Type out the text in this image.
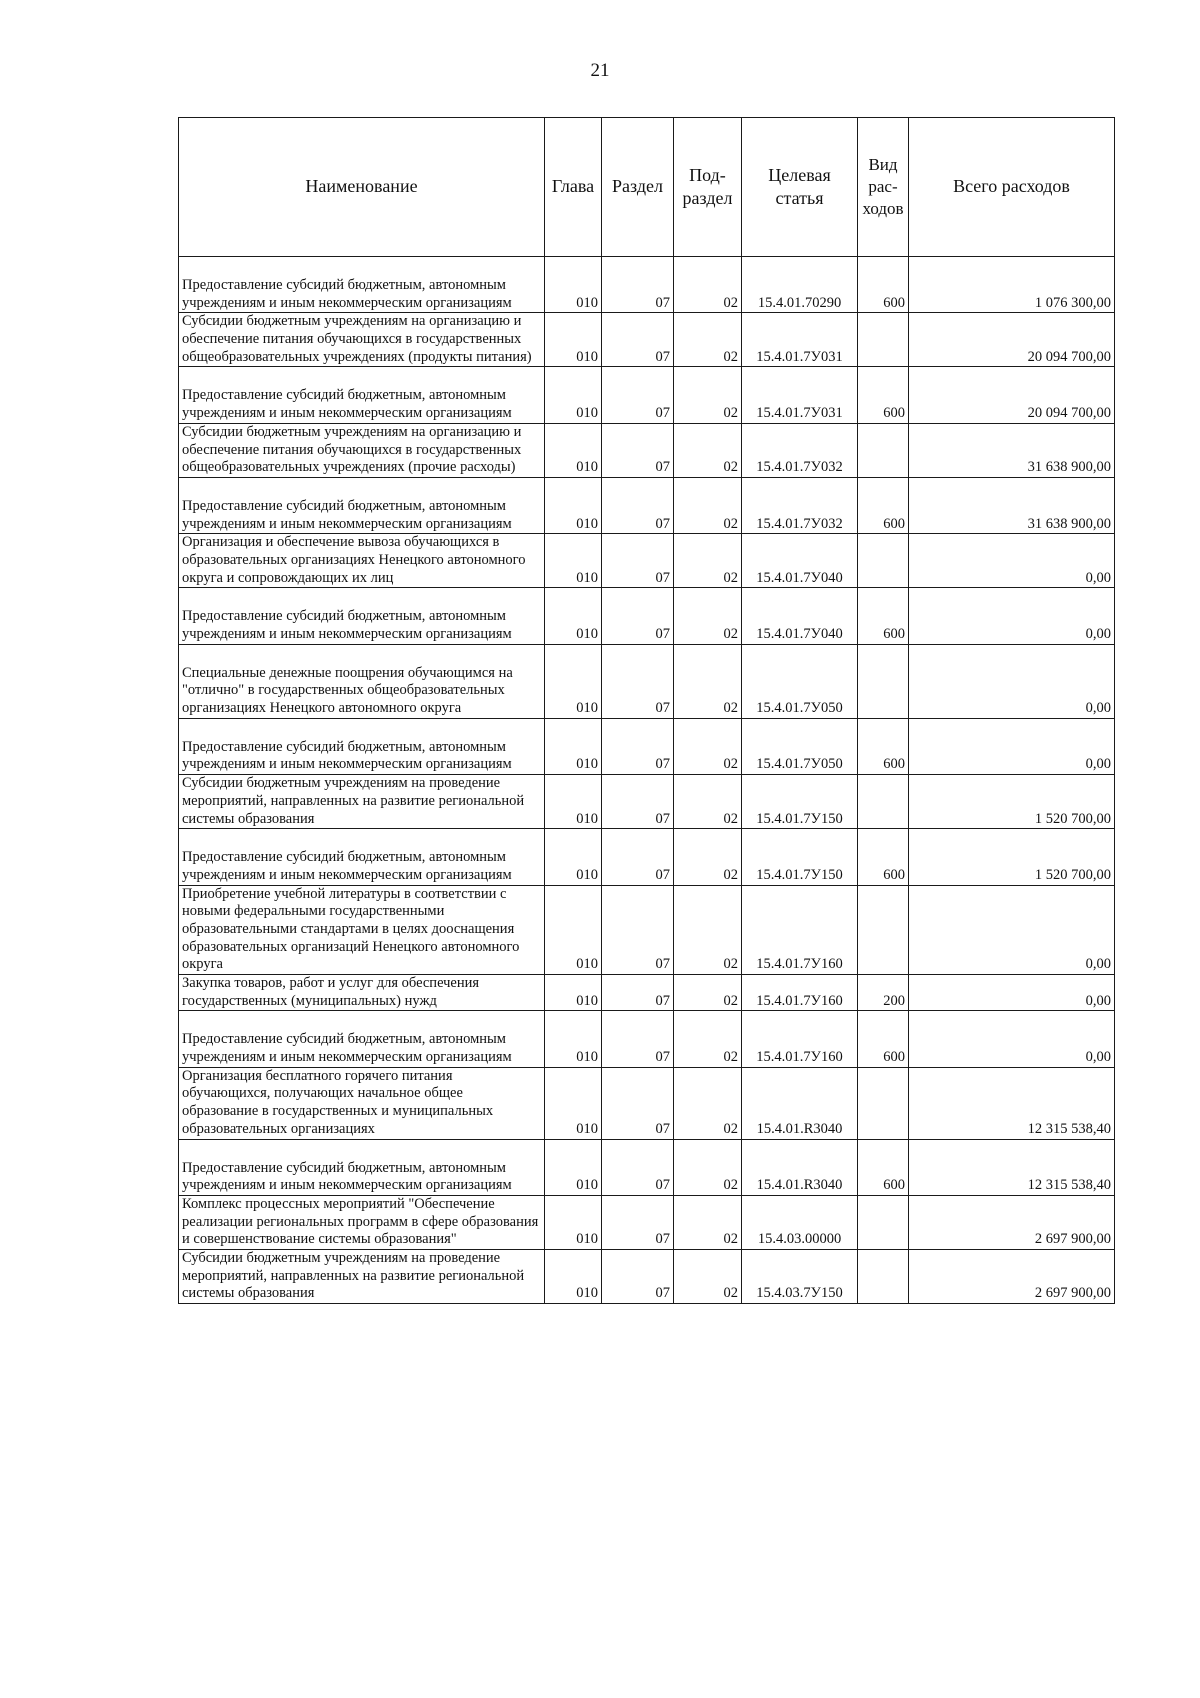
21
Наименование	Глава	Раздел	Под- раздел	Целевая статья	Вид рас- ходов	Всего расходов

Предоставление субсидий бюджетным, автономным учреждениям и иным некоммерческим организациям	010	07	02	15.4.01.70290	600	1 076 300,00
Субсидии бюджетным учреждениям на организацию и обеспечение питания обучающихся в государственных общеобразовательных учреждениях (продукты питания)	010	07	02	15.4.01.7У031		20 094 700,00

Предоставление субсидий бюджетным, автономным учреждениям и иным некоммерческим организациям	010	07	02	15.4.01.7У031	600	20 094 700,00
Субсидии бюджетным учреждениям на организацию и обеспечение питания обучающихся в государственных общеобразовательных учреждениях (прочие расходы)	010	07	02	15.4.01.7У032		31 638 900,00

Предоставление субсидий бюджетным, автономным учреждениям и иным некоммерческим организациям	010	07	02	15.4.01.7У032	600	31 638 900,00
Организация и обеспечение вывоза обучающихся в образовательных организациях Ненецкого автономного округа и сопровождающих их лиц	010	07	02	15.4.01.7У040		0,00

Предоставление субсидий бюджетным, автономным учреждениям и иным некоммерческим организациям	010	07	02	15.4.01.7У040	600	0,00

Специальные денежные поощрения обучающимся на "отлично" в государственных общеобразовательных организациях Ненецкого автономного округа	010	07	02	15.4.01.7У050		0,00

Предоставление субсидий бюджетным, автономным учреждениям и иным некоммерческим организациям	010	07	02	15.4.01.7У050	600	0,00
Субсидии бюджетным учреждениям на проведение мероприятий, направленных на развитие региональной системы образования	010	07	02	15.4.01.7У150		1 520 700,00

Предоставление субсидий бюджетным, автономным учреждениям и иным некоммерческим организациям	010	07	02	15.4.01.7У150	600	1 520 700,00
Приобретение учебной литературы в соответствии с новыми федеральными государственными образовательными стандартами в целях дооснащения образовательных организаций Ненецкого автономного округа	010	07	02	15.4.01.7У160		0,00
Закупка товаров, работ и услуг для обеспечения государственных (муниципальных) нужд	010	07	02	15.4.01.7У160	200	0,00

Предоставление субсидий бюджетным, автономным учреждениям и иным некоммерческим организациям	010	07	02	15.4.01.7У160	600	0,00
Организация бесплатного горячего питания обучающихся, получающих начальное общее образование в государственных и муниципальных образовательных организациях	010	07	02	15.4.01.R3040		12 315 538,40

Предоставление субсидий бюджетным, автономным учреждениям и иным некоммерческим организациям	010	07	02	15.4.01.R3040	600	12 315 538,40
Комплекс процессных мероприятий "Обеспечение реализации региональных программ в сфере образования и совершенствование системы образования"	010	07	02	15.4.03.00000		2 697 900,00
Субсидии бюджетным учреждениям на проведение мероприятий, направленных на развитие региональной системы образования	010	07	02	15.4.03.7У150		2 697 900,00
